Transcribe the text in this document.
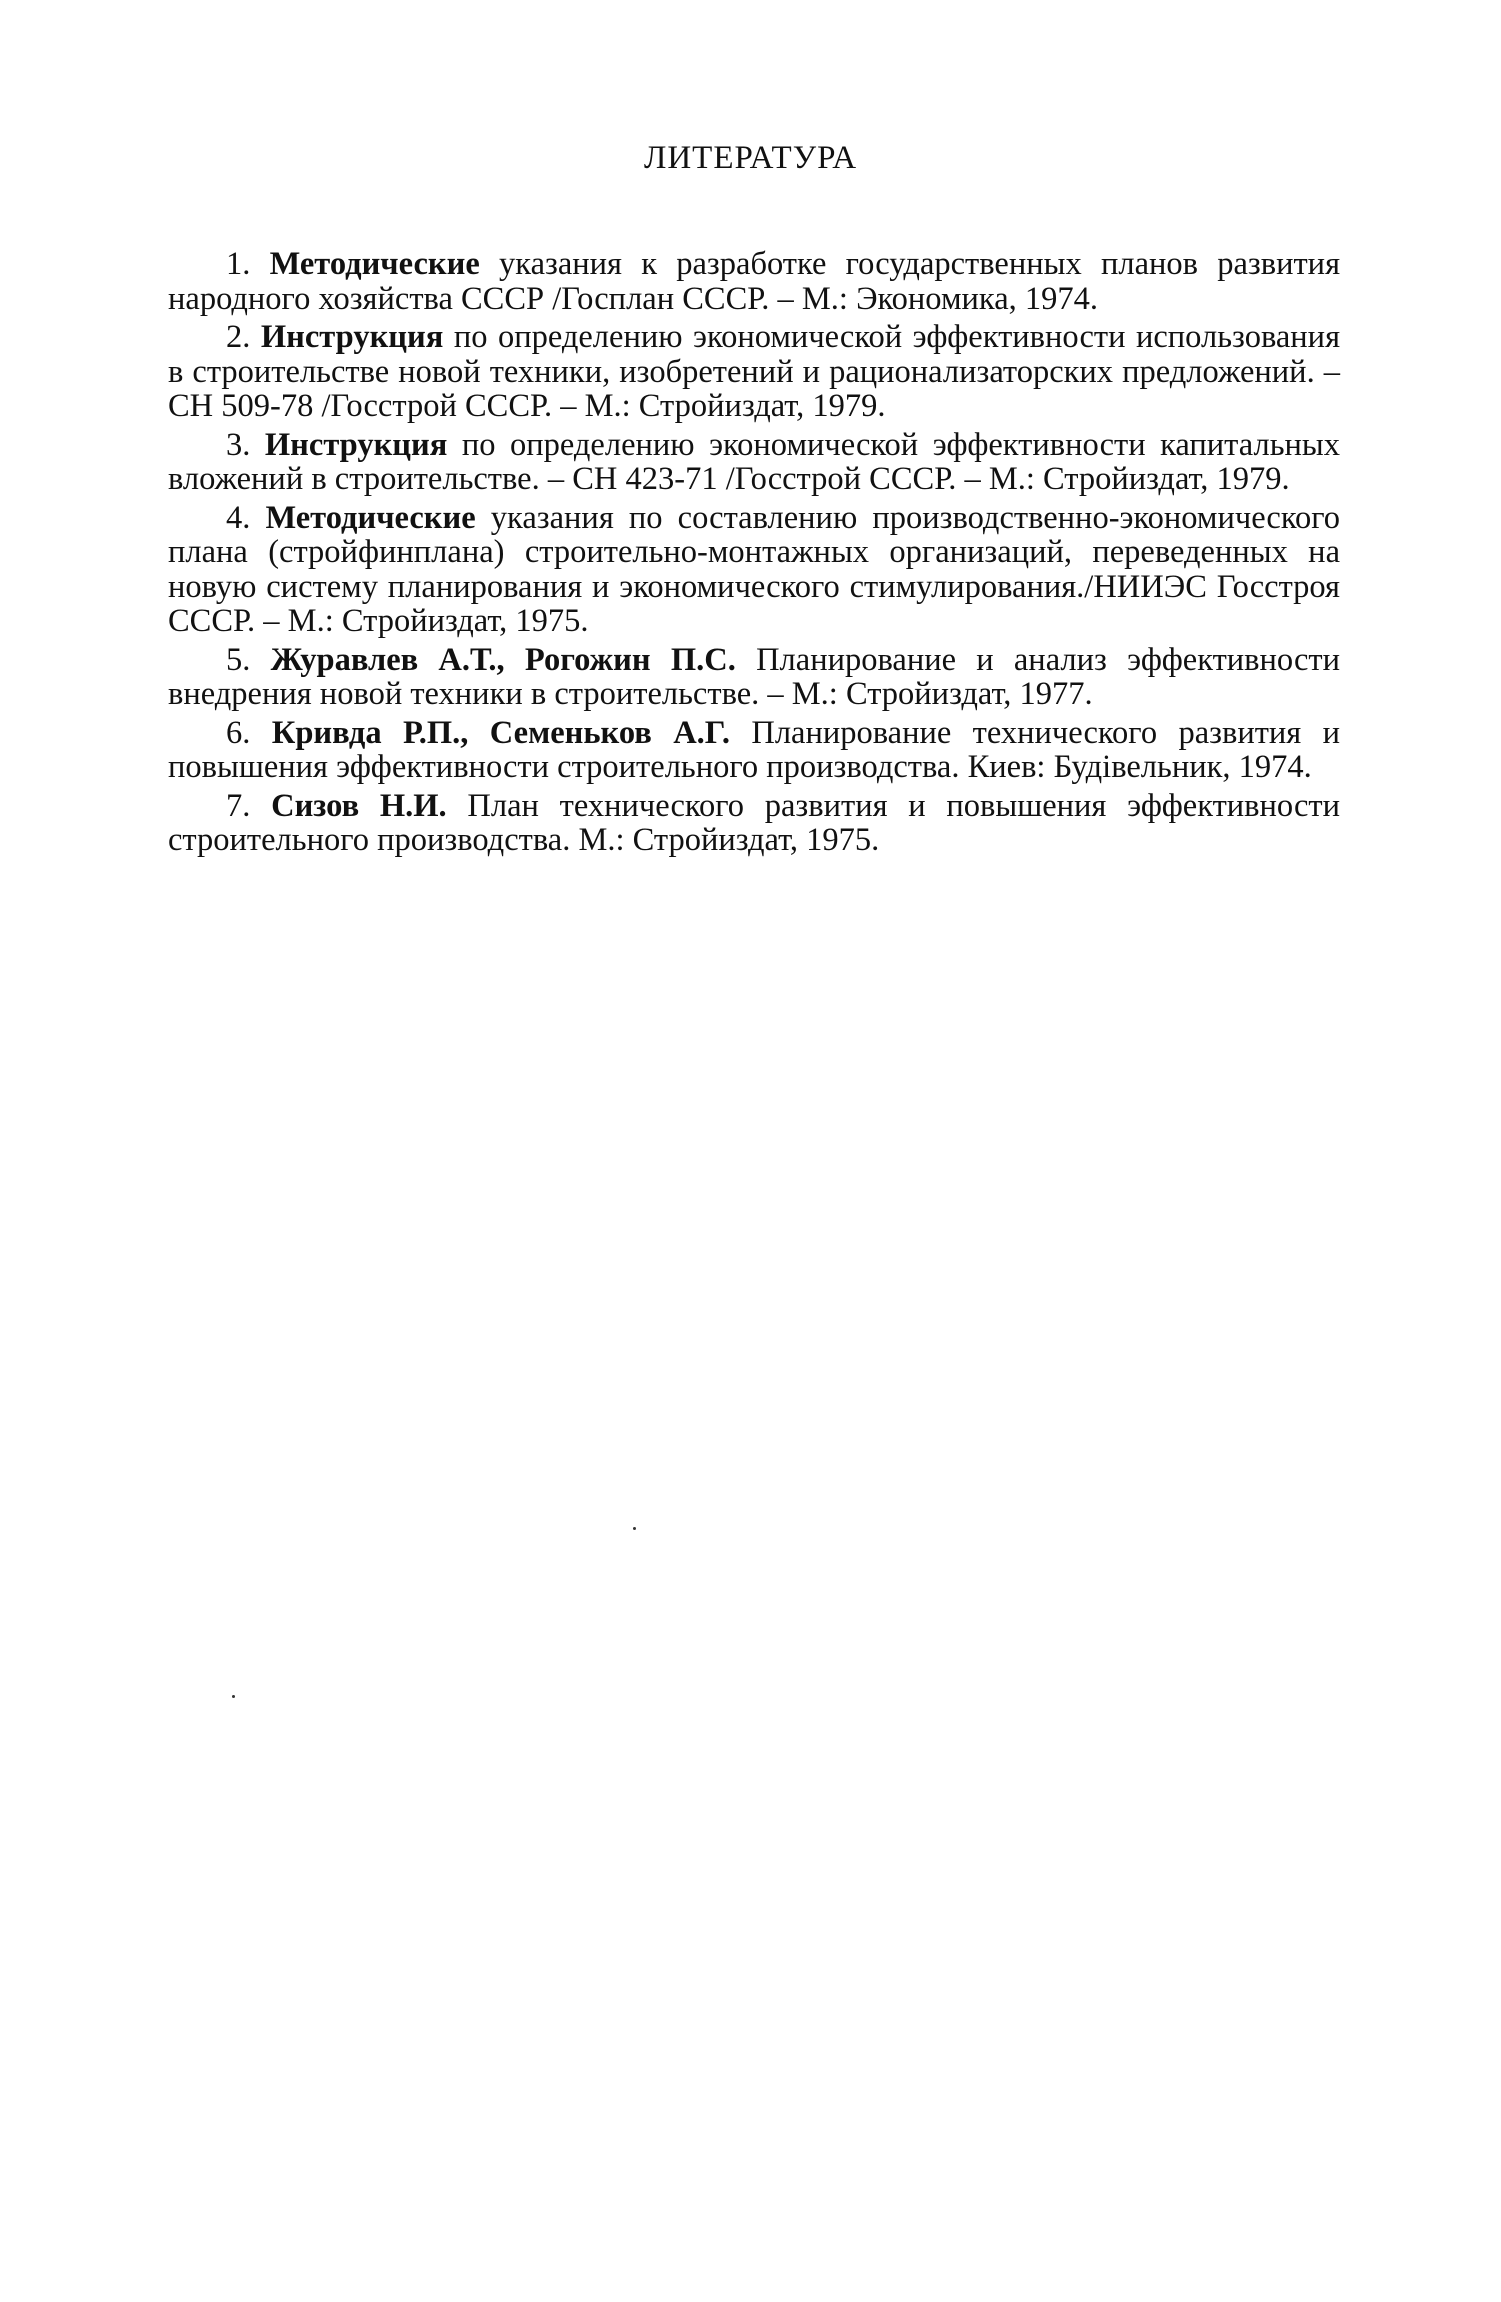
ЛИТЕРАТУРА

1. Методические указания к разработке государственных планов развития народного хозяйства СССР /Госплан СССР. – М.: Экономика, 1974.

2. Инструкция по определению экономической эффективности использования в строительстве новой техники, изобретений и рационализаторских предложений. – СН 509-78 /Госстрой СССР. – М.: Стройиздат, 1979.

3. Инструкция по определению экономической эффективности капитальных вложений в строительстве. – СН 423-71 /Госстрой СССР. – М.: Стройиздат, 1979.

4. Методические указания по составлению производственно-экономического плана (стройфинплана) строительно-монтажных организаций, переведенных на новую систему планирования и экономического стимулирования./НИИЭС Госстроя СССР. – М.: Стройиздат, 1975.

5. Журавлев А.Т., Рогожин П.С. Планирование и анализ эффективности внедрения новой техники в строительстве. – М.: Стройиздат, 1977.

6. Кривда Р.П., Семеньков А.Г. Планирование технического развития и повышения эффективности строительного производства. Киев: Будівельник, 1974.

7. Сизов Н.И. План технического развития и повышения эффективности строительного производства. М.: Стройиздат, 1975.
